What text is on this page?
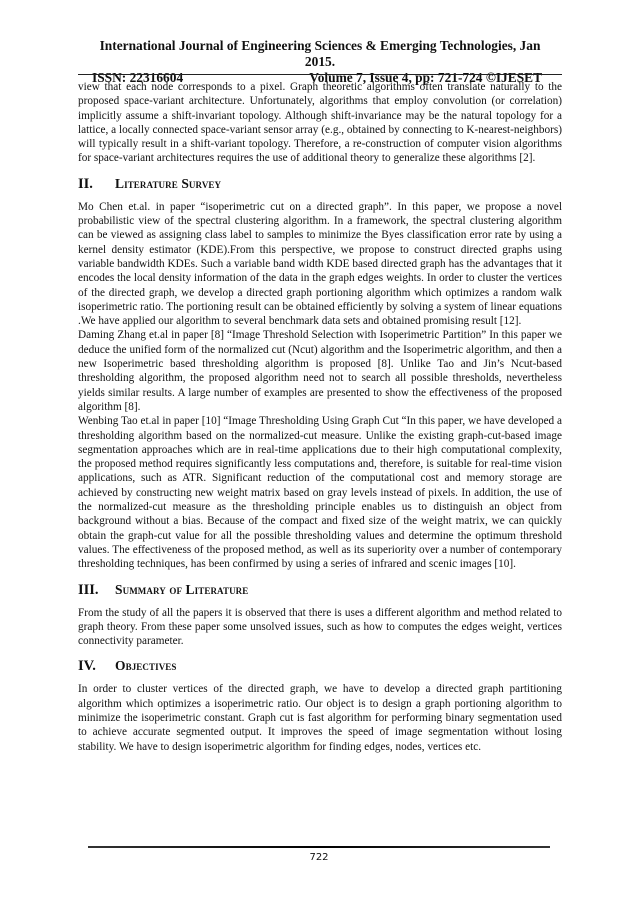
International Journal of Engineering Sciences & Emerging Technologies, Jan 2015.
ISSN: 22316604	Volume 7, Issue 4, pp: 721-724 ©IJESET

view that each node corresponds to a pixel. Graph theoretic algorithms often translate naturally to the proposed space-variant architecture. Unfortunately, algorithms that employ convolution (or correlation) implicitly assume a shift-invariant topology. Although shift-invariance may be the natural topology for a lattice, a locally connected space-variant sensor array (e.g., obtained by connecting to K-nearest-neighbors) will typically result in a shift-variant topology. Therefore, a re-construction of computer vision algorithms for space-variant architectures requires the use of additional theory to generalize these algorithms [2].

II.	Literature Survey

Mo Chen et.al. in paper “isoperimetric cut on a directed graph”. In this paper, we propose a novel probabilistic view of the spectral clustering algorithm. In a framework, the spectral clustering algorithm can be viewed as assigning class label to samples to minimize the Byes classification error rate by using a kernel density estimator (KDE).From this perspective, we propose to construct directed graphs using variable bandwidth KDEs. Such a variable band width KDE based directed graph has the advantages that it encodes the local density information of the data in the graph edges weights. In order to cluster the vertices of the directed graph, we develop a directed graph portioning algorithm which optimizes a random walk isoperimetric ratio. The portioning result can be obtained efficiently by solving a system of linear equations .We have applied our algorithm to several benchmark data sets and obtained promising result [12].

Daming Zhang et.al in paper [8] “Image Threshold Selection with Isoperimetric Partition” In this paper we deduce the unified form of the normalized cut (Ncut) algorithm and the Isoperimetric algorithm, and then a new Isoperimetric based thresholding algorithm is proposed [8]. Unlike Tao and Jin’s Ncut-based thresholding algorithm, the proposed algorithm need not to search all possible thresholds, nevertheless yields similar results. A large number of examples are presented to show the effectiveness of the proposed algorithm [8].

Wenbing Tao et.al in paper [10] “Image Thresholding Using Graph Cut “In this paper, we have developed a thresholding algorithm based on the normalized-cut measure. Unlike the existing graph-cut-based image segmentation approaches which are in real-time applications due to their high computational complexity, the proposed method requires significantly less computations and, therefore, is suitable for real-time vision applications, such as ATR. Significant reduction of the computational cost and memory storage are achieved by constructing new weight matrix based on gray levels instead of pixels. In addition, the use of the normalized-cut measure as the thresholding principle enables us to distinguish an object from background without a bias. Because of the compact and fixed size of the weight matrix, we can quickly obtain the graph-cut value for all the possible thresholding values and determine the optimum threshold values. The effectiveness of the proposed method, as well as its superiority over a number of contemporary thresholding techniques, has been confirmed by using a series of infrared and scenic images [10].

III.	Summary of Literature

From the study of all the papers it is observed that there is uses a different algorithm and method related to graph theory. From these paper some unsolved issues, such as how to computes the edges weight, vertices connectivity parameter.

IV.	Objectives

In order to cluster vertices of the directed graph, we have to develop a directed graph partitioning algorithm which optimizes a isoperimetric ratio. Our object is to design a graph portioning algorithm to minimize the isoperimetric constant. Graph cut is fast algorithm for performing binary segmentation used to achieve accurate segmented output. It improves the speed of image segmentation without losing stability. We have to design isoperimetric algorithm for finding edges, nodes, vertices etc.

722
